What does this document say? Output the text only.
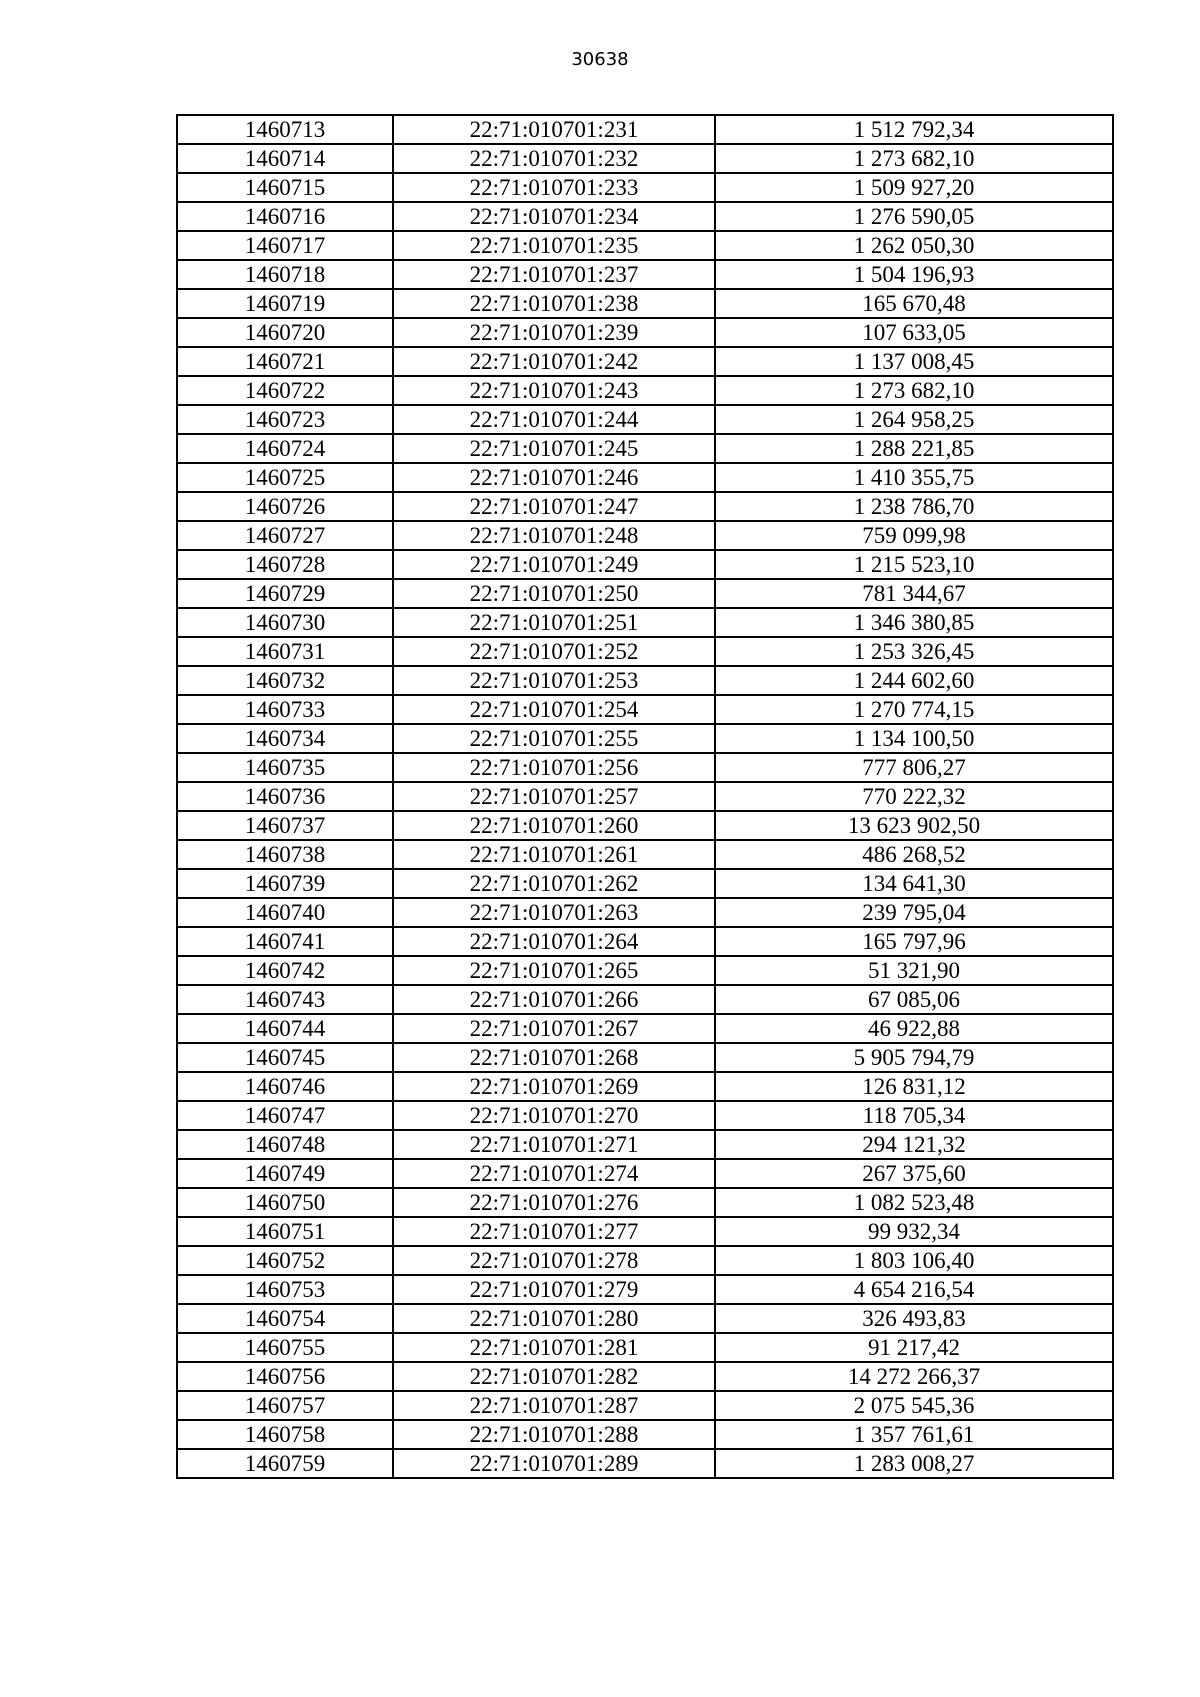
30638
1460713	22:71:010701:231	1 512 792,34
1460714	22:71:010701:232	1 273 682,10
1460715	22:71:010701:233	1 509 927,20
1460716	22:71:010701:234	1 276 590,05
1460717	22:71:010701:235	1 262 050,30
1460718	22:71:010701:237	1 504 196,93
1460719	22:71:010701:238	165 670,48
1460720	22:71:010701:239	107 633,05
1460721	22:71:010701:242	1 137 008,45
1460722	22:71:010701:243	1 273 682,10
1460723	22:71:010701:244	1 264 958,25
1460724	22:71:010701:245	1 288 221,85
1460725	22:71:010701:246	1 410 355,75
1460726	22:71:010701:247	1 238 786,70
1460727	22:71:010701:248	759 099,98
1460728	22:71:010701:249	1 215 523,10
1460729	22:71:010701:250	781 344,67
1460730	22:71:010701:251	1 346 380,85
1460731	22:71:010701:252	1 253 326,45
1460732	22:71:010701:253	1 244 602,60
1460733	22:71:010701:254	1 270 774,15
1460734	22:71:010701:255	1 134 100,50
1460735	22:71:010701:256	777 806,27
1460736	22:71:010701:257	770 222,32
1460737	22:71:010701:260	13 623 902,50
1460738	22:71:010701:261	486 268,52
1460739	22:71:010701:262	134 641,30
1460740	22:71:010701:263	239 795,04
1460741	22:71:010701:264	165 797,96
1460742	22:71:010701:265	51 321,90
1460743	22:71:010701:266	67 085,06
1460744	22:71:010701:267	46 922,88
1460745	22:71:010701:268	5 905 794,79
1460746	22:71:010701:269	126 831,12
1460747	22:71:010701:270	118 705,34
1460748	22:71:010701:271	294 121,32
1460749	22:71:010701:274	267 375,60
1460750	22:71:010701:276	1 082 523,48
1460751	22:71:010701:277	99 932,34
1460752	22:71:010701:278	1 803 106,40
1460753	22:71:010701:279	4 654 216,54
1460754	22:71:010701:280	326 493,83
1460755	22:71:010701:281	91 217,42
1460756	22:71:010701:282	14 272 266,37
1460757	22:71:010701:287	2 075 545,36
1460758	22:71:010701:288	1 357 761,61
1460759	22:71:010701:289	1 283 008,27
